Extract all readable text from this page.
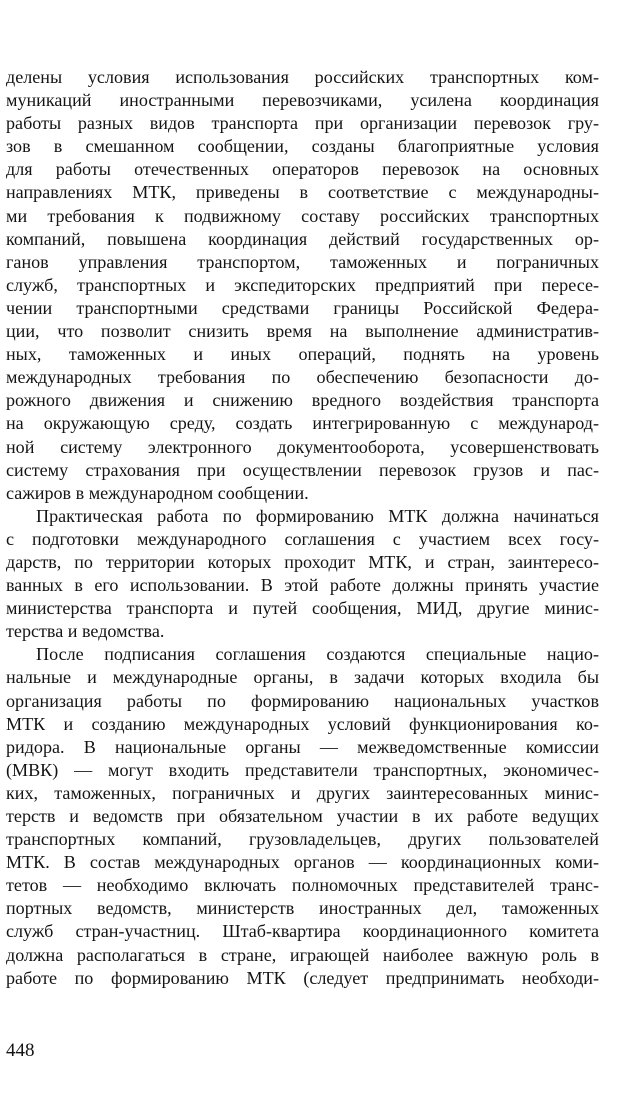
делены условия использования российских транспортных ком-
муникаций иностранными перевозчиками, усилена координация
работы разных видов транспорта при организации перевозок гру-
зов в смешанном сообщении, созданы благоприятные условия
для работы отечественных операторов перевозок на основных
направлениях МТК, приведены в соответствие с международны-
ми требования к подвижному составу российских транспортных
компаний, повышена координация действий государственных ор-
ганов управления транспортом, таможенных и пограничных
служб, транспортных и экспедиторских предприятий при пересе-
чении транспортными средствами границы Российской Федера-
ции, что позволит снизить время на выполнение административ-
ных, таможенных и иных операций, поднять на уровень
международных требования по обеспечению безопасности до-
рожного движения и снижению вредного воздействия транспорта
на окружающую среду, создать интегрированную с международ-
ной систему электронного документооборота, усовершенствовать
систему страхования при осуществлении перевозок грузов и пас-
сажиров в международном сообщении.

Практическая работа по формированию МТК должна начинаться
с подготовки международного соглашения с участием всех госу-
дарств, по территории которых проходит МТК, и стран, заинтересо-
ванных в его использовании. В этой работе должны принять участие
министерства транспорта и путей сообщения, МИД, другие минис-
терства и ведомства.

После подписания соглашения создаются специальные нацио-
нальные и международные органы, в задачи которых входила бы
организация работы по формированию национальных участков
МТК и созданию международных условий функционирования ко-
ридора. В национальные органы — межведомственные комиссии
(МВК) — могут входить представители транспортных, экономичес-
ких, таможенных, пограничных и других заинтересованных минис-
терств и ведомств при обязательном участии в их работе ведущих
транспортных компаний, грузовладельцев, других пользователей
МТК. В состав международных органов — координационных коми-
тетов — необходимо включать полномочных представителей транс-
портных ведомств, министерств иностранных дел, таможенных
служб стран-участниц. Штаб-квартира координационного комитета
должна располагаться в стране, играющей наиболее важную роль в
работе по формированию МТК (следует предпринимать необходи-

448
